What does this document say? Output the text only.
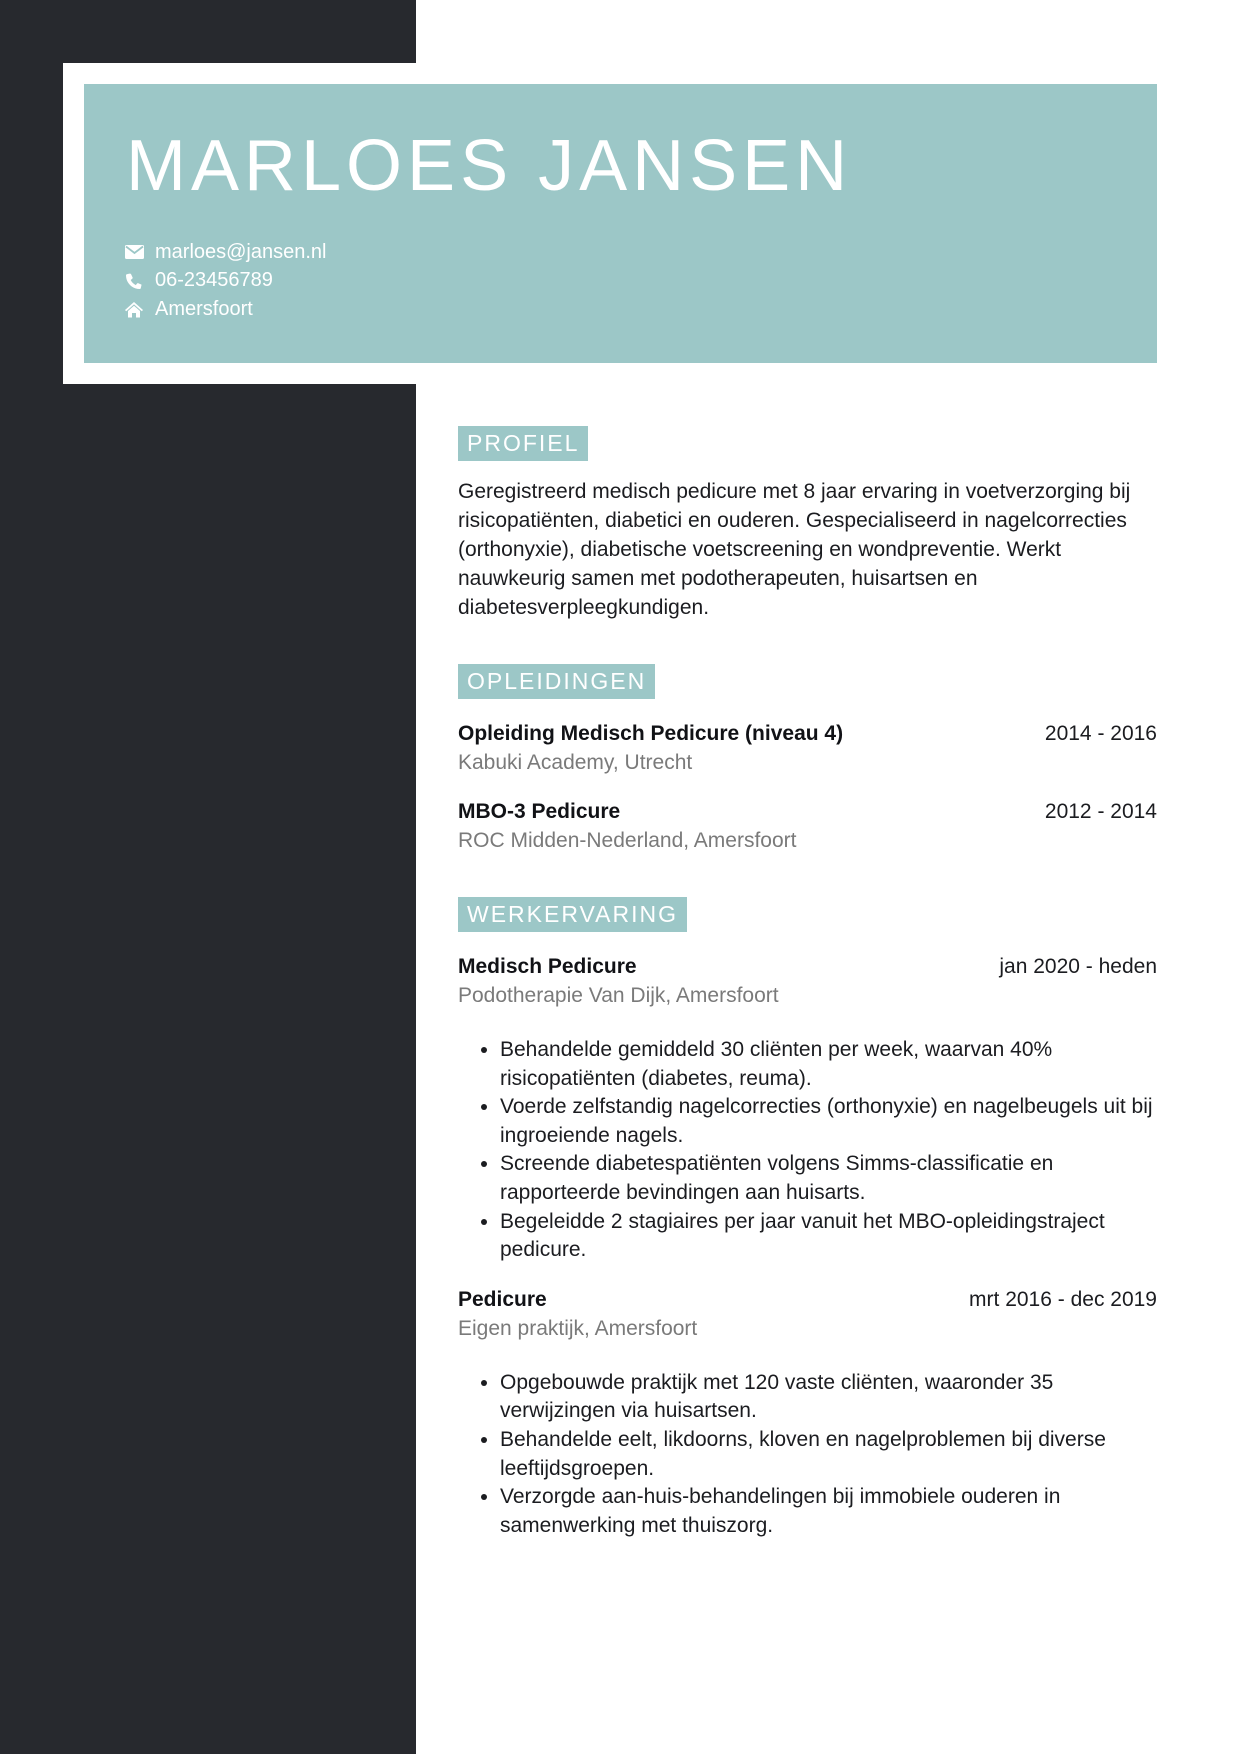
MARLOES JANSEN
marloes@jansen.nl
06-23456789
Amersfoort
PROFIEL

Geregistreerd medisch pedicure met 8 jaar ervaring in voetverzorging bij risicopatiënten, diabetici en ouderen. Gespecialiseerd in nagelcorrecties (orthonyxie), diabetische voetscreening en wondpreventie. Werkt nauwkeurig samen met podotherapeuten, huisartsen en diabetesverpleegkundigen.

OPLEIDINGEN
Opleiding Medisch Pedicure (niveau 4)	2014 - 2016
Kabuki Academy, Utrecht
MBO-3 Pedicure	2012 - 2014
ROC Midden-Nederland, Amersfoort
WERKERVARING
Medisch Pedicure	jan 2020 - heden
Podotherapie Van Dijk, Amersfoort
• Behandelde gemiddeld 30 cliënten per week, waarvan 40% risicopatiënten (diabetes, reuma).
• Voerde zelfstandig nagelcorrecties (orthonyxie) en nagelbeugels uit bij ingroeiende nagels.
• Screende diabetespatiënten volgens Simms-classificatie en rapporteerde bevindingen aan huisarts.
• Begeleidde 2 stagiaires per jaar vanuit het MBO-opleidingstraject pedicure.
Pedicure	mrt 2016 - dec 2019
Eigen praktijk, Amersfoort
• Opgebouwde praktijk met 120 vaste cliënten, waaronder 35 verwijzingen via huisartsen.
• Behandelde eelt, likdoorns, kloven en nagelproblemen bij diverse leeftijdsgroepen.
• Verzorgde aan-huis-behandelingen bij immobiele ouderen in samenwerking met thuiszorg.
